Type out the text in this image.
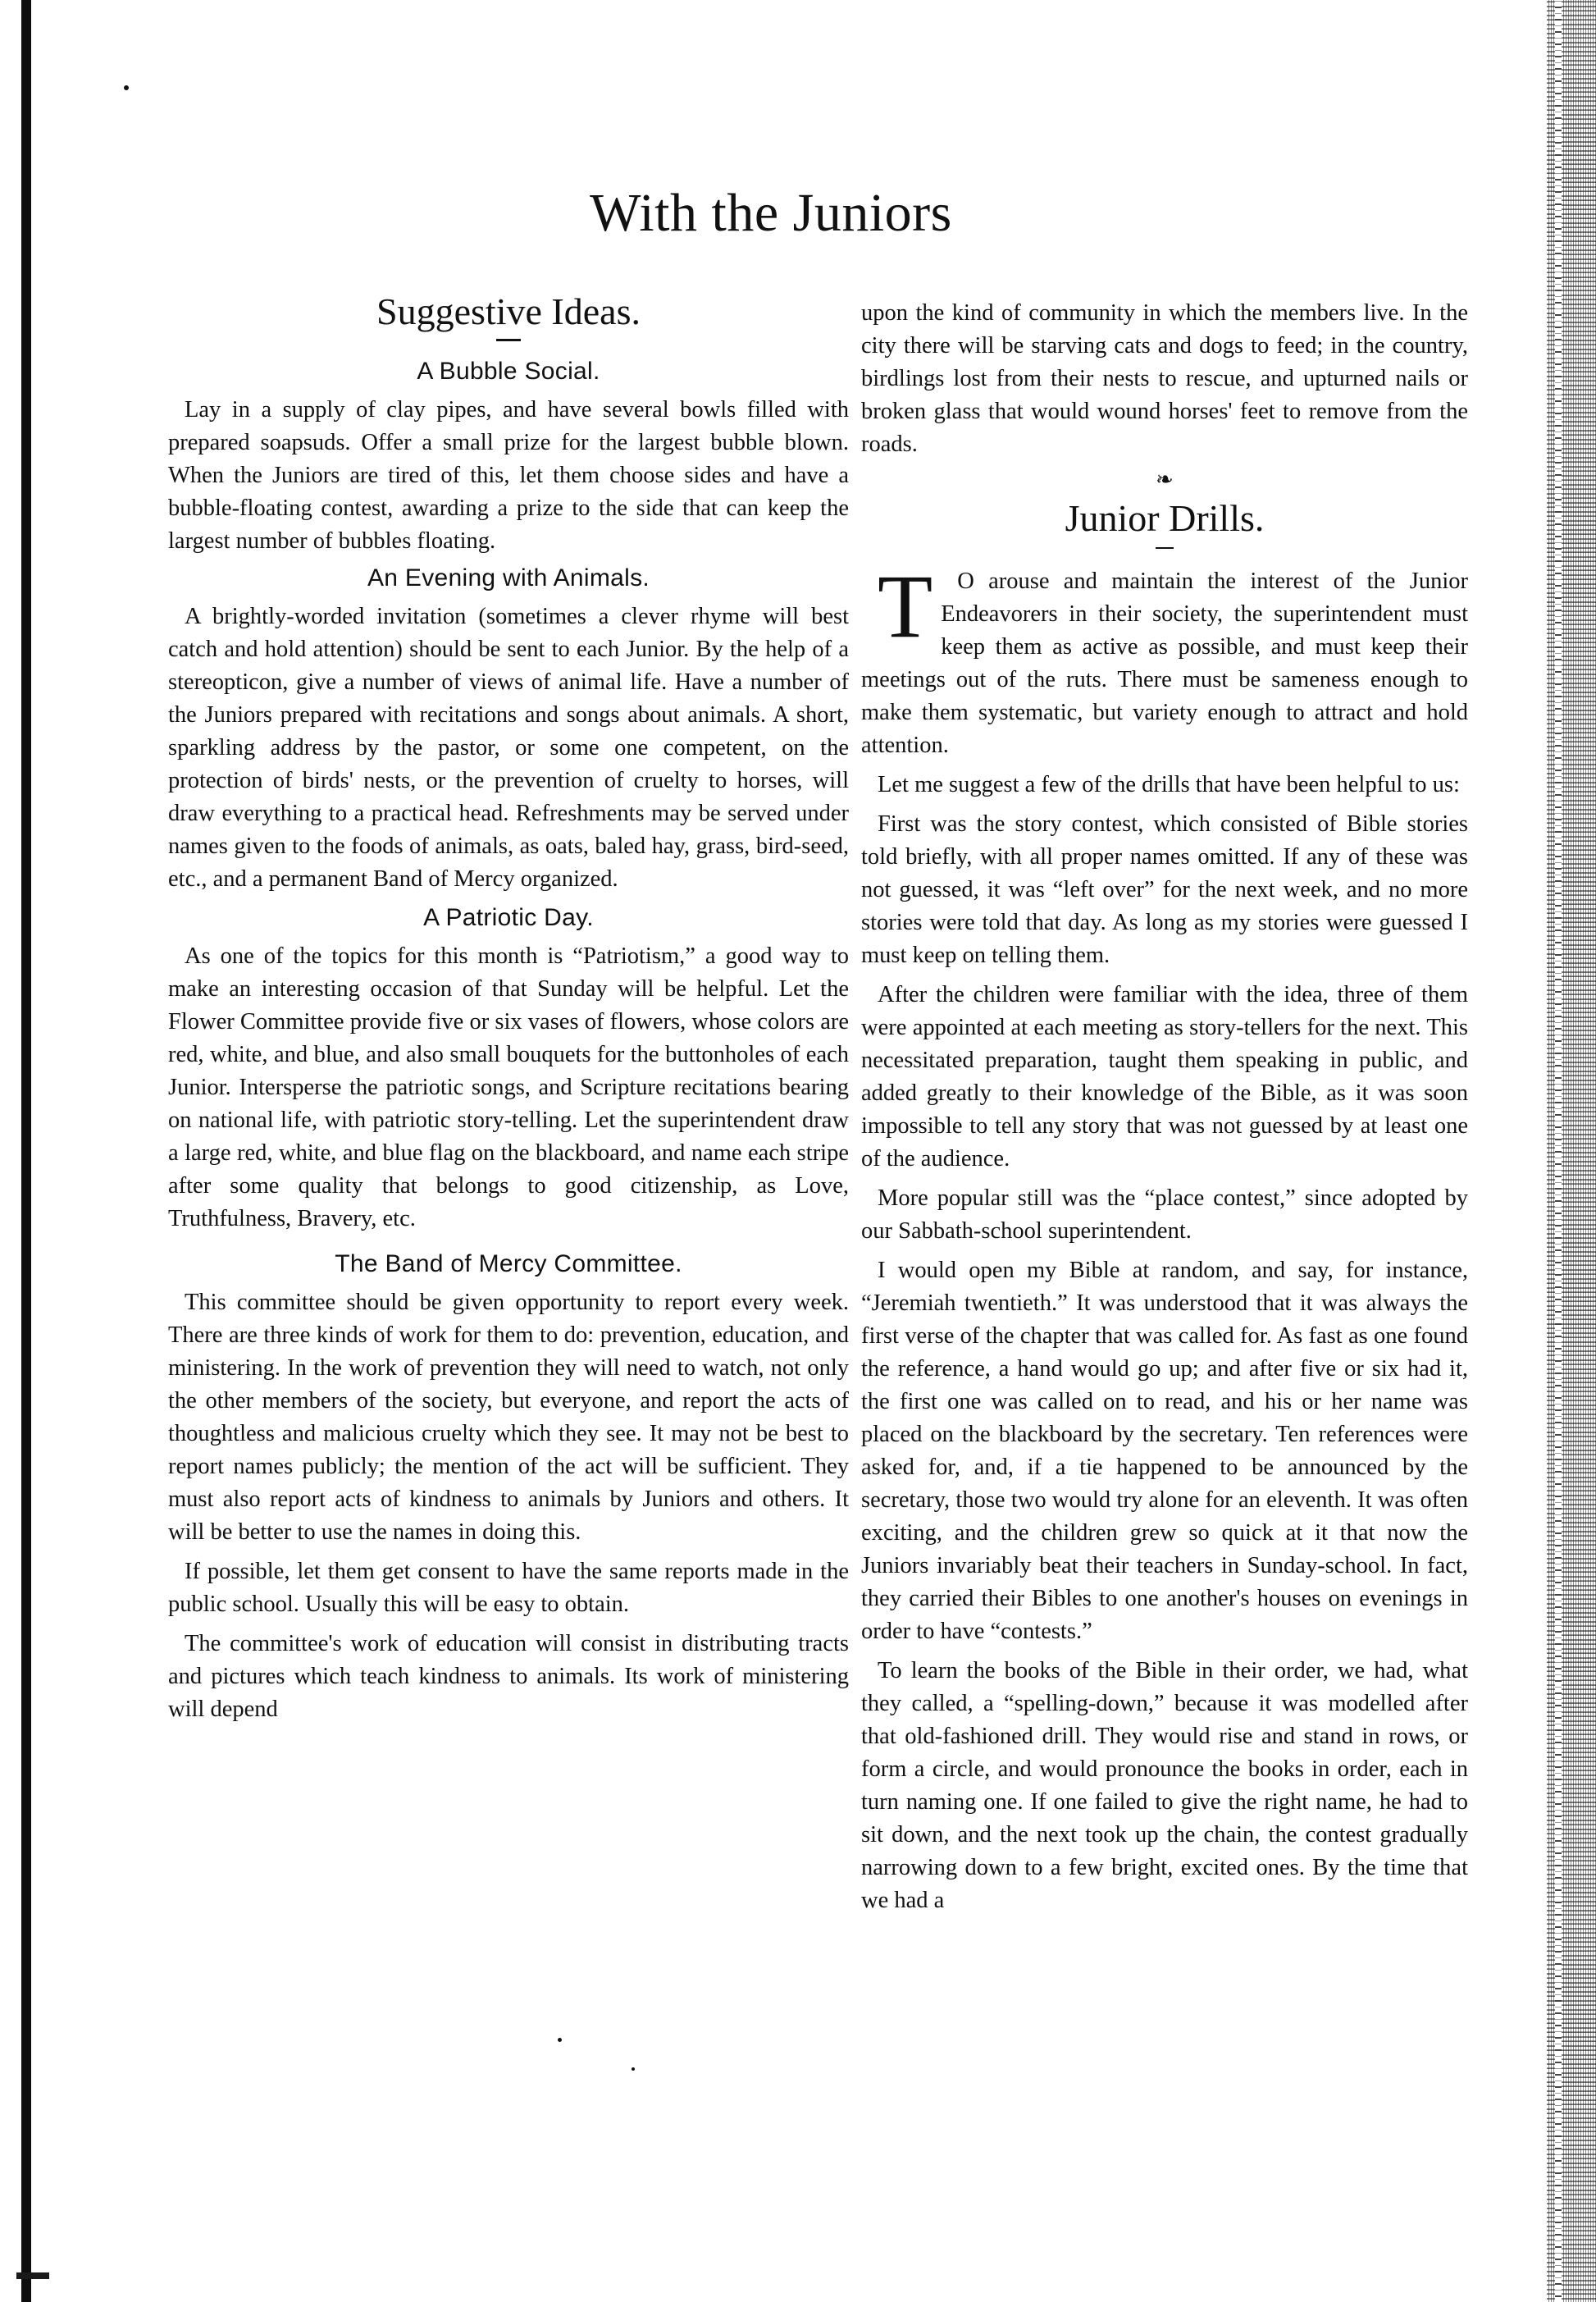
With the Juniors
Suggestive Ideas.
A Bubble Social.

Lay in a supply of clay pipes, and have several bowls filled with prepared soapsuds. Offer a small prize for the largest bubble blown. When the Juniors are tired of this, let them choose sides and have a bubble-floating contest, awarding a prize to the side that can keep the largest number of bubbles floating.

An Evening with Animals.

A brightly-worded invitation (sometimes a clever rhyme will best catch and hold attention) should be sent to each Junior. By the help of a stereopticon, give a number of views of animal life. Have a number of the Juniors prepared with recitations and songs about animals. A short, sparkling address by the pastor, or some one competent, on the protection of birds' nests, or the prevention of cruelty to horses, will draw everything to a practical head. Refreshments may be served under names given to the foods of animals, as oats, baled hay, grass, bird-seed, etc., and a permanent Band of Mercy organized.

A Patriotic Day.

As one of the topics for this month is “Patriotism,” a good way to make an interesting occasion of that Sunday will be helpful. Let the Flower Committee provide five or six vases of flowers, whose colors are red, white, and blue, and also small bouquets for the buttonholes of each Junior. Intersperse the patriotic songs, and Scripture recitations bearing on national life, with patriotic story-telling. Let the superintendent draw a large red, white, and blue flag on the blackboard, and name each stripe after some quality that belongs to good citizenship, as Love, Truthfulness, Bravery, etc.

The Band of Mercy Committee.

This committee should be given opportunity to report every week. There are three kinds of work for them to do: prevention, education, and ministering. In the work of prevention they will need to watch, not only the other members of the society, but everyone, and report the acts of thoughtless and malicious cruelty which they see. It may not be best to report names publicly; the mention of the act will be sufficient. They must also report acts of kindness to animals by Juniors and others. It will be better to use the names in doing this.

If possible, let them get consent to have the same reports made in the public school. Usually this will be easy to obtain.

The committee's work of education will consist in distributing tracts and pictures which teach kindness to animals. Its work of ministering will depend

upon the kind of community in which the members live. In the city there will be starving cats and dogs to feed; in the country, birdlings lost from their nests to rescue, and upturned nails or broken glass that would wound horses' feet to remove from the roads.

❧
Junior Drills.

T O arouse and maintain the interest of the Junior Endeavorers in their society, the superintendent must keep them as active as possible, and must keep their meetings out of the ruts. There must be sameness enough to make them systematic, but variety enough to attract and hold attention.

Let me suggest a few of the drills that have been helpful to us:

First was the story contest, which consisted of Bible stories told briefly, with all proper names omitted. If any of these was not guessed, it was “left over” for the next week, and no more stories were told that day. As long as my stories were guessed I must keep on telling them.

After the children were familiar with the idea, three of them were appointed at each meeting as story-tellers for the next. This necessitated preparation, taught them speaking in public, and added greatly to their knowledge of the Bible, as it was soon impossible to tell any story that was not guessed by at least one of the audience.

More popular still was the “place contest,” since adopted by our Sabbath-school superintendent.

I would open my Bible at random, and say, for instance, “Jeremiah twentieth.” It was understood that it was always the first verse of the chapter that was called for. As fast as one found the reference, a hand would go up; and after five or six had it, the first one was called on to read, and his or her name was placed on the blackboard by the secretary. Ten references were asked for, and, if a tie happened to be announced by the secretary, those two would try alone for an eleventh. It was often exciting, and the children grew so quick at it that now the Juniors invariably beat their teachers in Sunday-school. In fact, they carried their Bibles to one another's houses on evenings in order to have “contests.”

To learn the books of the Bible in their order, we had, what they called, a “spelling-down,” because it was modelled after that old-fashioned drill. They would rise and stand in rows, or form a circle, and would pronounce the books in order, each in turn naming one. If one failed to give the right name, he had to sit down, and the next took up the chain, the contest gradually narrowing down to a few bright, excited ones. By the time that we had a
